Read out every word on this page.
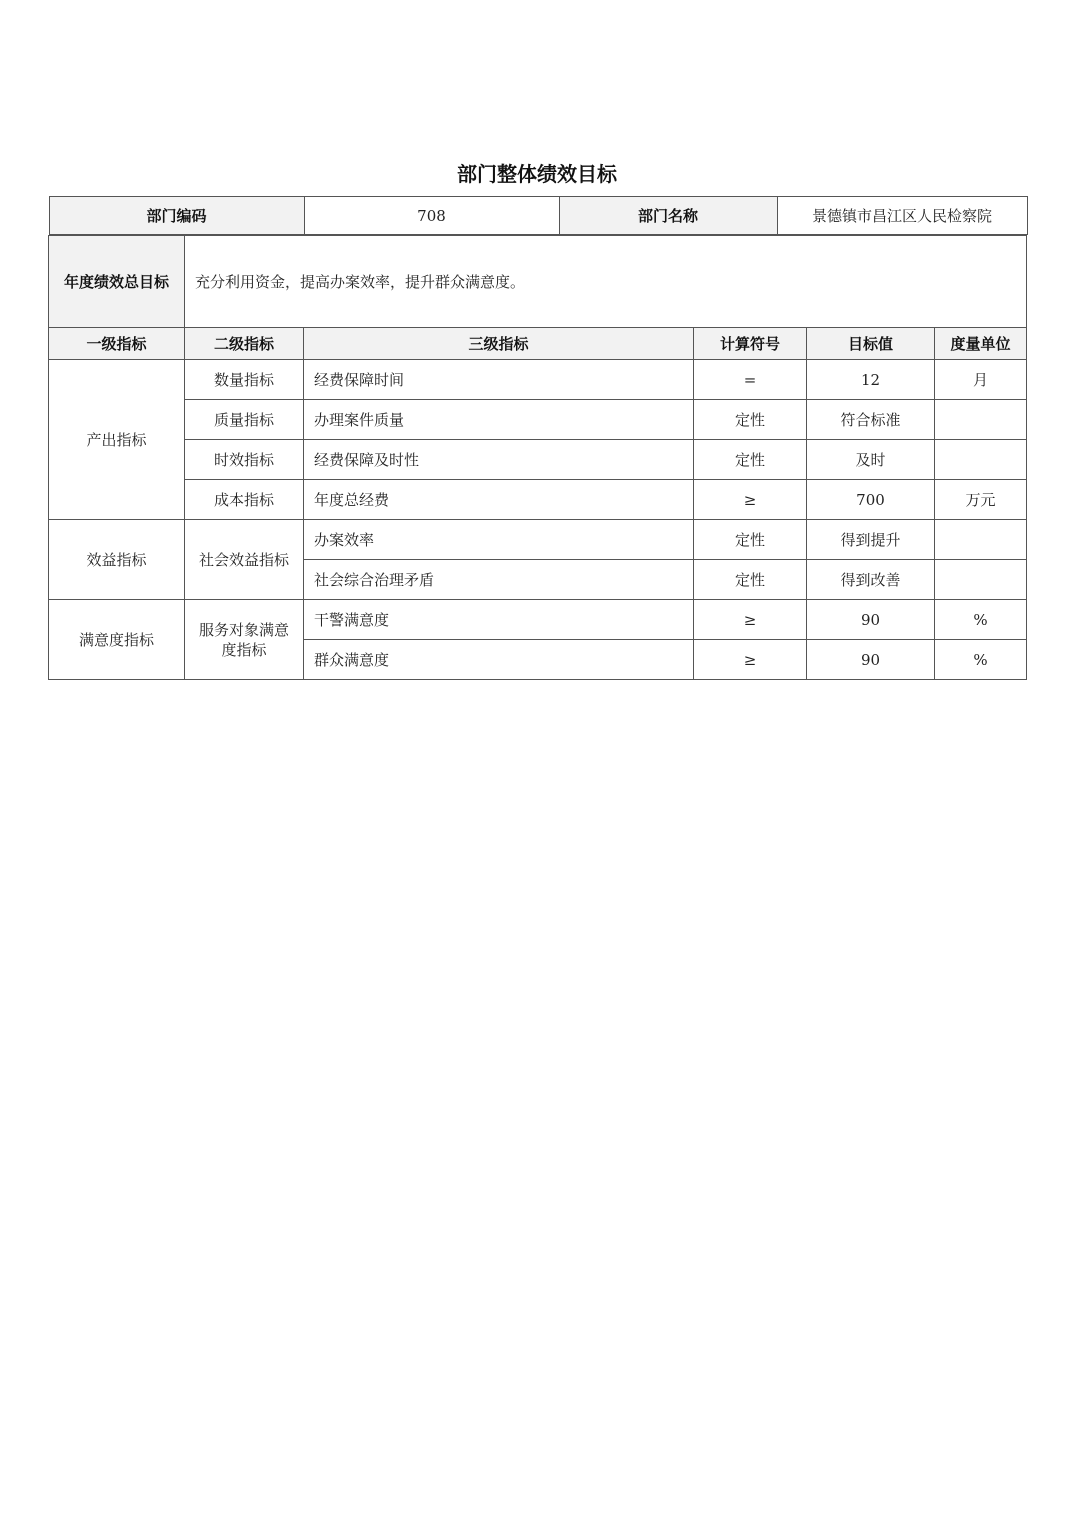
部门整体绩效目标
部门编码	708	部门名称	景德镇市昌江区人民检察院

年度绩效总目标	充分利用资金，提高办案效率，提升群众满意度。
一级指标	二级指标	三级指标	计算符号	目标值	度量单位
产出指标	数量指标	经费保障时间	=	12	月
质量指标	办理案件质量	定性	符合标准	
时效指标	经费保障及时性	定性	及时	
成本指标	年度总经费	≥	700	万元
效益指标	社会效益指标	办案效率	定性	得到提升	
社会综合治理矛盾	定性	得到改善	
满意度指标	服务对象满意度指标	干警满意度	≥	90	%
群众满意度	≥	90	%
